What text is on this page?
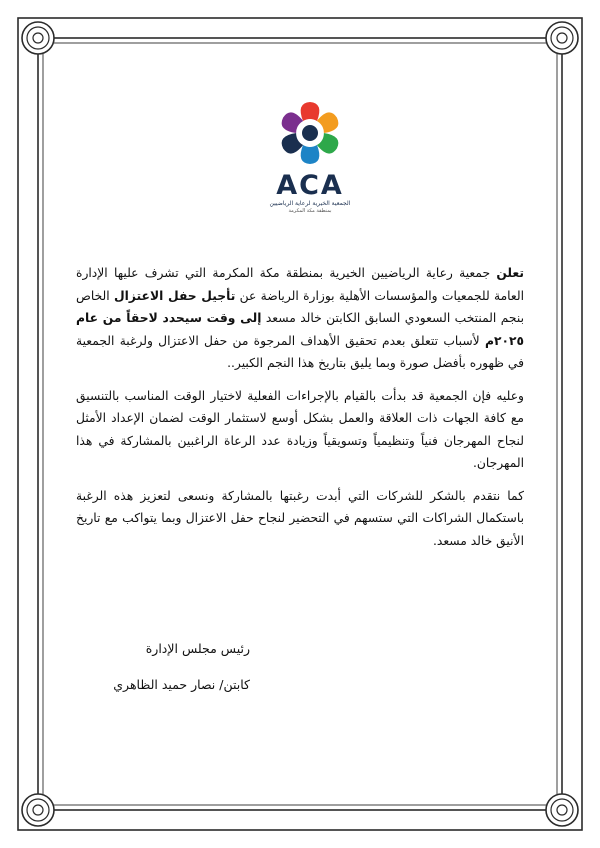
ACA
الجمعية الخيرية لرعاية الرياضيين
بمنطقة مكة المكرمة

تعلن جمعية رعاية الرياضيين الخيرية بمنطقة مكة المكرمة التي تشرف عليها الإدارة العامة للجمعيات والمؤسسات الأهلية بوزارة الرياضة عن تأجيل حفل الاعتزال الخاص بنجم المنتخب السعودي السابق الكابتن خالد مسعد إلى وقت سيحدد لاحقاً من عام ٢٠٢٥م لأسباب تتعلق بعدم تحقيق الأهداف المرجوة من حفل الاعتزال ولرغبة الجمعية في ظهوره بأفضل صورة وبما يليق بتاريخ هذا النجم الكبير..

وعليه فإن الجمعية قد بدأت بالقيام بالإجراءات الفعلية لاختيار الوقت المناسب بالتنسيق مع كافة الجهات ذات العلاقة والعمل بشكل أوسع لاستثمار الوقت لضمان الإعداد الأمثل لنجاح المهرجان فنياً وتنظيمياً وتسويقياً وزيادة عدد الرعاة الراغبين بالمشاركة في هذا المهرجان.

كما نتقدم بالشكر للشركات التي أبدت رغبتها بالمشاركة ونسعى لتعزيز هذه الرغبة باستكمال الشراكات التي ستسهم في التحضير لنجاح حفل الاعتزال وبما يتواكب مع تاريخ الأنيق خالد مسعد.

رئيس مجلس الإدارة
كابتن/ نصار حميد الظاهري
